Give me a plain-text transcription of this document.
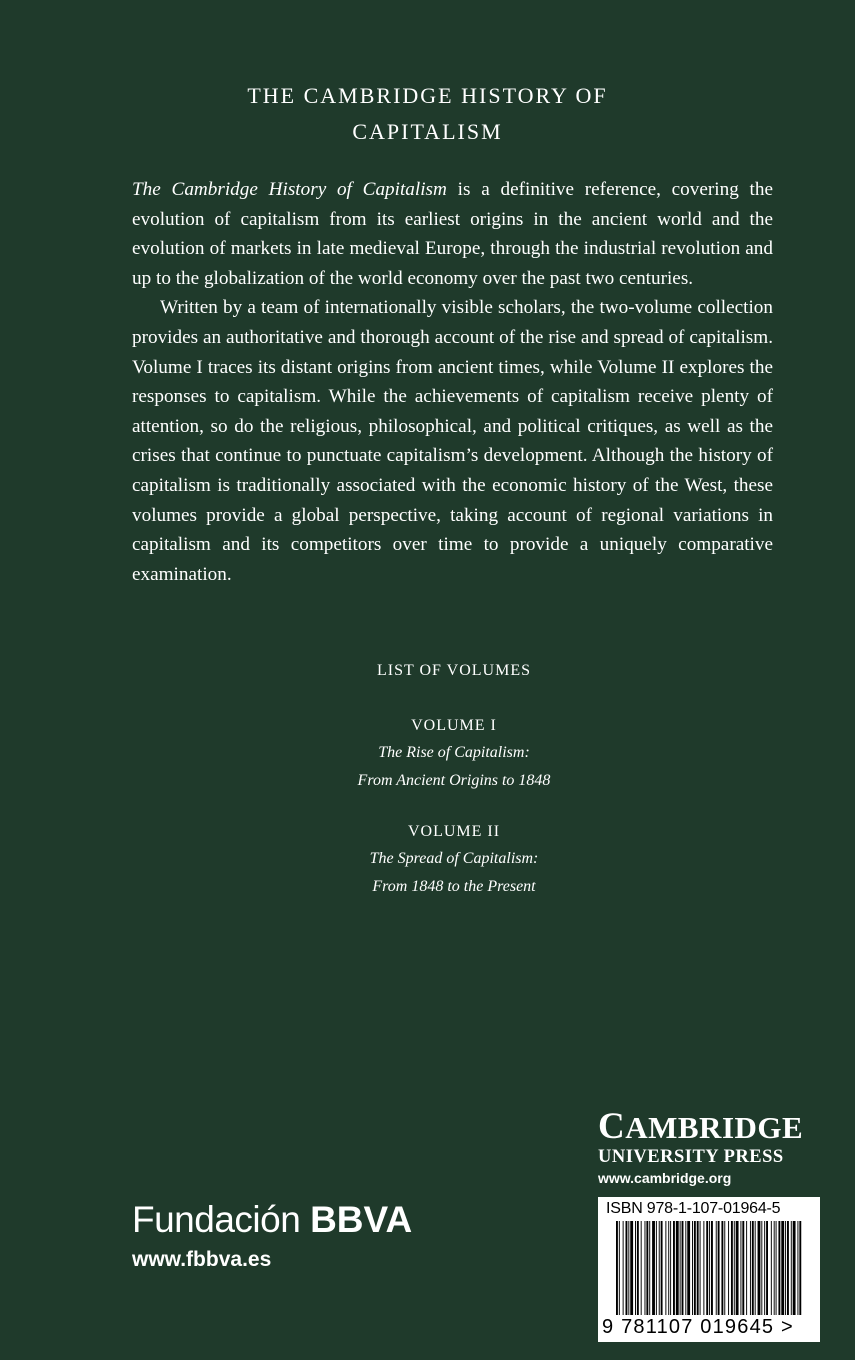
THE CAMBRIDGE HISTORY OF
CAPITALISM

The Cambridge History of Capitalism is a definitive reference, covering the evolution of capitalism from its earliest origins in the ancient world and the evolution of markets in late medieval Europe, through the industrial revolution and up to the globalization of the world economy over the past two centuries.

Written by a team of internationally visible scholars, the two-volume collection provides an authoritative and thorough account of the rise and spread of capitalism. Volume I traces its distant origins from ancient times, while Volume II explores the responses to capitalism. While the achievements of capitalism receive plenty of attention, so do the religious, philosophical, and political critiques, as well as the crises that continue to punctuate capitalism’s development. Although the history of capitalism is traditionally associated with the economic history of the West, these volumes provide a global perspective, taking account of regional variations in capitalism and its competitors over time to provide a uniquely comparative examination.

LIST OF VOLUMES
VOLUME I
The Rise of Capitalism:
From Ancient Origins to 1848
VOLUME II
The Spread of Capitalism:
From 1848 to the Present
Fundación BBVA
www.fbbva.es
CAMBRIDGE
UNIVERSITY PRESS
www.cambridge.org
ISBN 978-1-107-01964-5
9 781107 019645 >
